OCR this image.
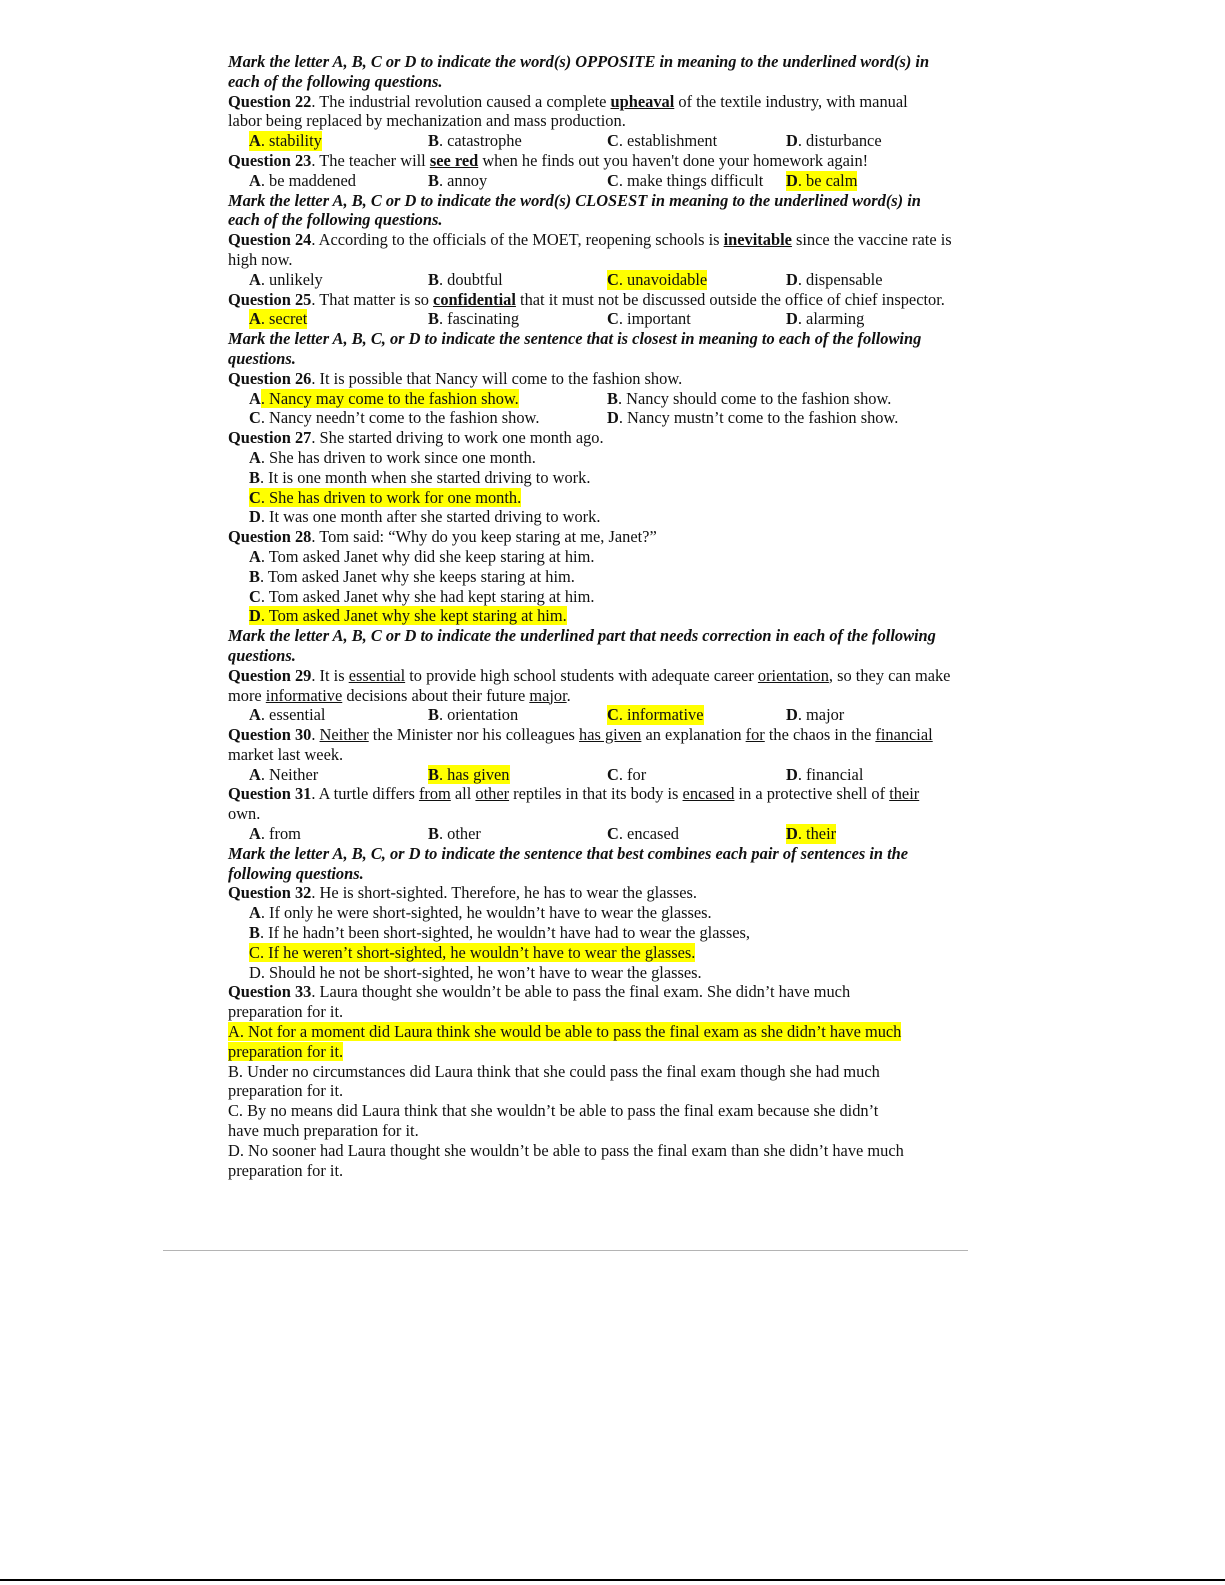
Mark the letter A, B, C or D to indicate the word(s) OPPOSITE in meaning to the underlined word(s) in
each of the following questions.
Question 22. The industrial revolution caused a complete upheaval of the textile industry, with manual
labor being replaced by mechanization and mass production.
A. stability	B. catastrophe	C. establishment	D. disturbance
Question 23. The teacher will see red when he finds out you haven't done your homework again!
A. be maddened	B. annoy	C. make things difficult D. be calm
Mark the letter A, B, C or D to indicate the word(s) CLOSEST in meaning to the underlined word(s) in
each of the following questions.
Question 24. According to the officials of the MOET, reopening schools is inevitable since the vaccine rate is
high now.
A. unlikely	B. doubtful	C. unavoidable	D. dispensable
Question 25. That matter is so confidential that it must not be discussed outside the office of chief inspector.
A. secret	B. fascinating	C. important	D. alarming
Mark the letter A, B, C, or D to indicate the sentence that is closest in meaning to each of the following
questions.
Question 26. It is possible that Nancy will come to the fashion show.
A. Nancy may come to the fashion show.	B. Nancy should come to the fashion show.
C. Nancy needn’t come to the fashion show.	D. Nancy mustn’t come to the fashion show.
Question 27. She started driving to work one month ago.
A. She has driven to work since one month.
B. It is one month when she started driving to work.
C. She has driven to work for one month.
D. It was one month after she started driving to work.
Question 28. Tom said: “Why do you keep staring at me, Janet?”
A. Tom asked Janet why did she keep staring at him.
B. Tom asked Janet why she keeps staring at him.
C. Tom asked Janet why she had kept staring at him.
D. Tom asked Janet why she kept staring at him.
Mark the letter A, B, C or D to indicate the underlined part that needs correction in each of the following
questions.
Question 29. It is essential to provide high school students with adequate career orientation, so they can make
more informative decisions about their future major.
A. essential	B. orientation	C. informative	D. major
Question 30. Neither the Minister nor his colleagues has given an explanation for the chaos in the financial
market last week.
A. Neither	B. has given	C. for	D. financial
Question 31. A turtle differs from all other reptiles in that its body is encased in a protective shell of their
own.
A. from	B. other	C. encased	D. their
Mark the letter A, B, C, or D to indicate the sentence that best combines each pair of sentences in the
following questions.
Question 32. He is short-sighted. Therefore, he has to wear the glasses.
A. If only he were short-sighted, he wouldn’t have to wear the glasses.
B. If he hadn’t been short-sighted, he wouldn’t have had to wear the glasses,
C. If he weren’t short-sighted, he wouldn’t have to wear the glasses.
D. Should he not be short-sighted, he won’t have to wear the glasses.
Question 33. Laura thought she wouldn’t be able to pass the final exam. She didn’t have much
preparation for it.
A. Not for a moment did Laura think she would be able to pass the final exam as she didn’t have much
preparation for it.
B. Under no circumstances did Laura think that she could pass the final exam though she had much
preparation for it.
C. By no means did Laura think that she wouldn’t be able to pass the final exam because she didn’t
have much preparation for it.
D. No sooner had Laura thought she wouldn’t be able to pass the final exam than she didn’t have much
preparation for it.
